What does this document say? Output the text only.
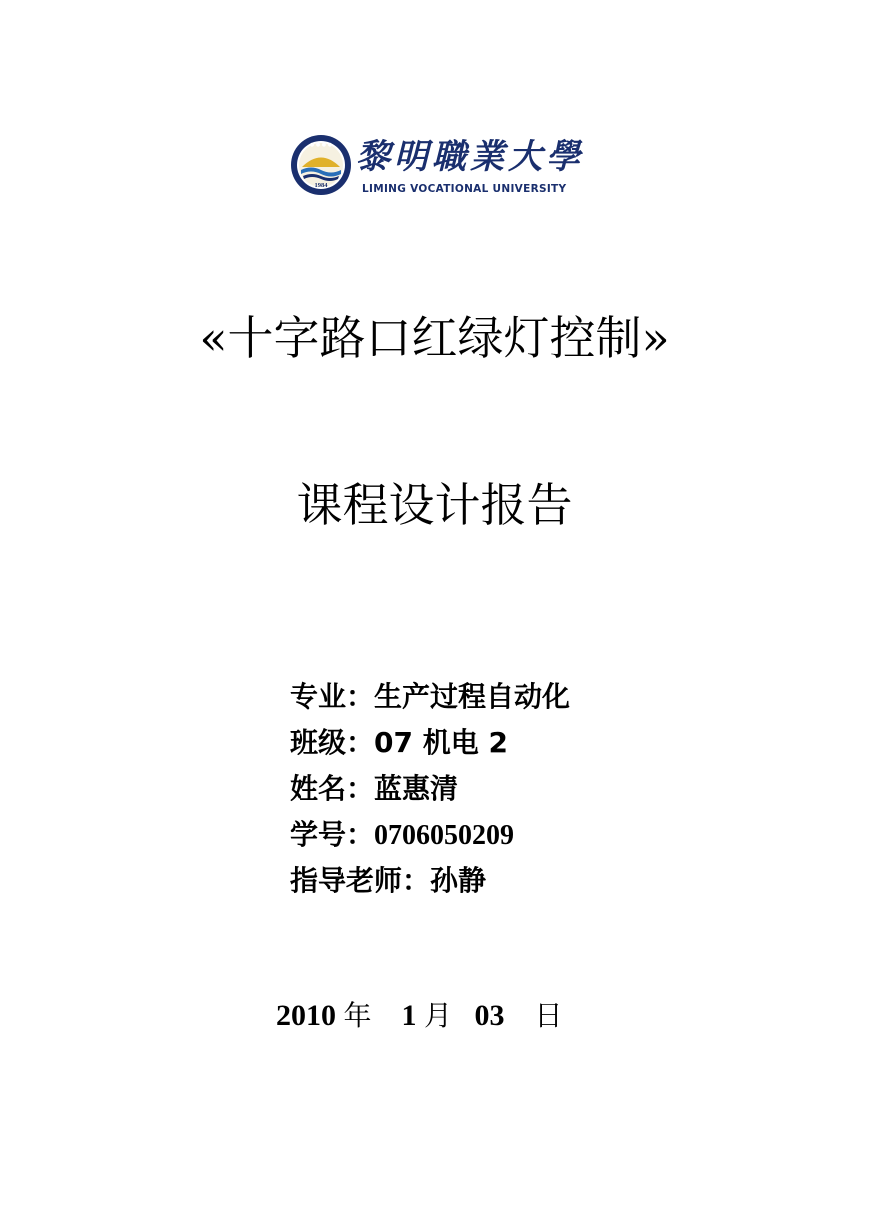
1984
● ● ● ● 黎明職業大學
LIMING VOCATIONAL UNIVERSITY
«十字路口红绿灯控制»
课程设计报告
专业：生产过程自动化
班级：07 机电 2
姓名：蓝惠清
学号：0706050209
指导老师：孙静
2010 年 1 月 03 日
